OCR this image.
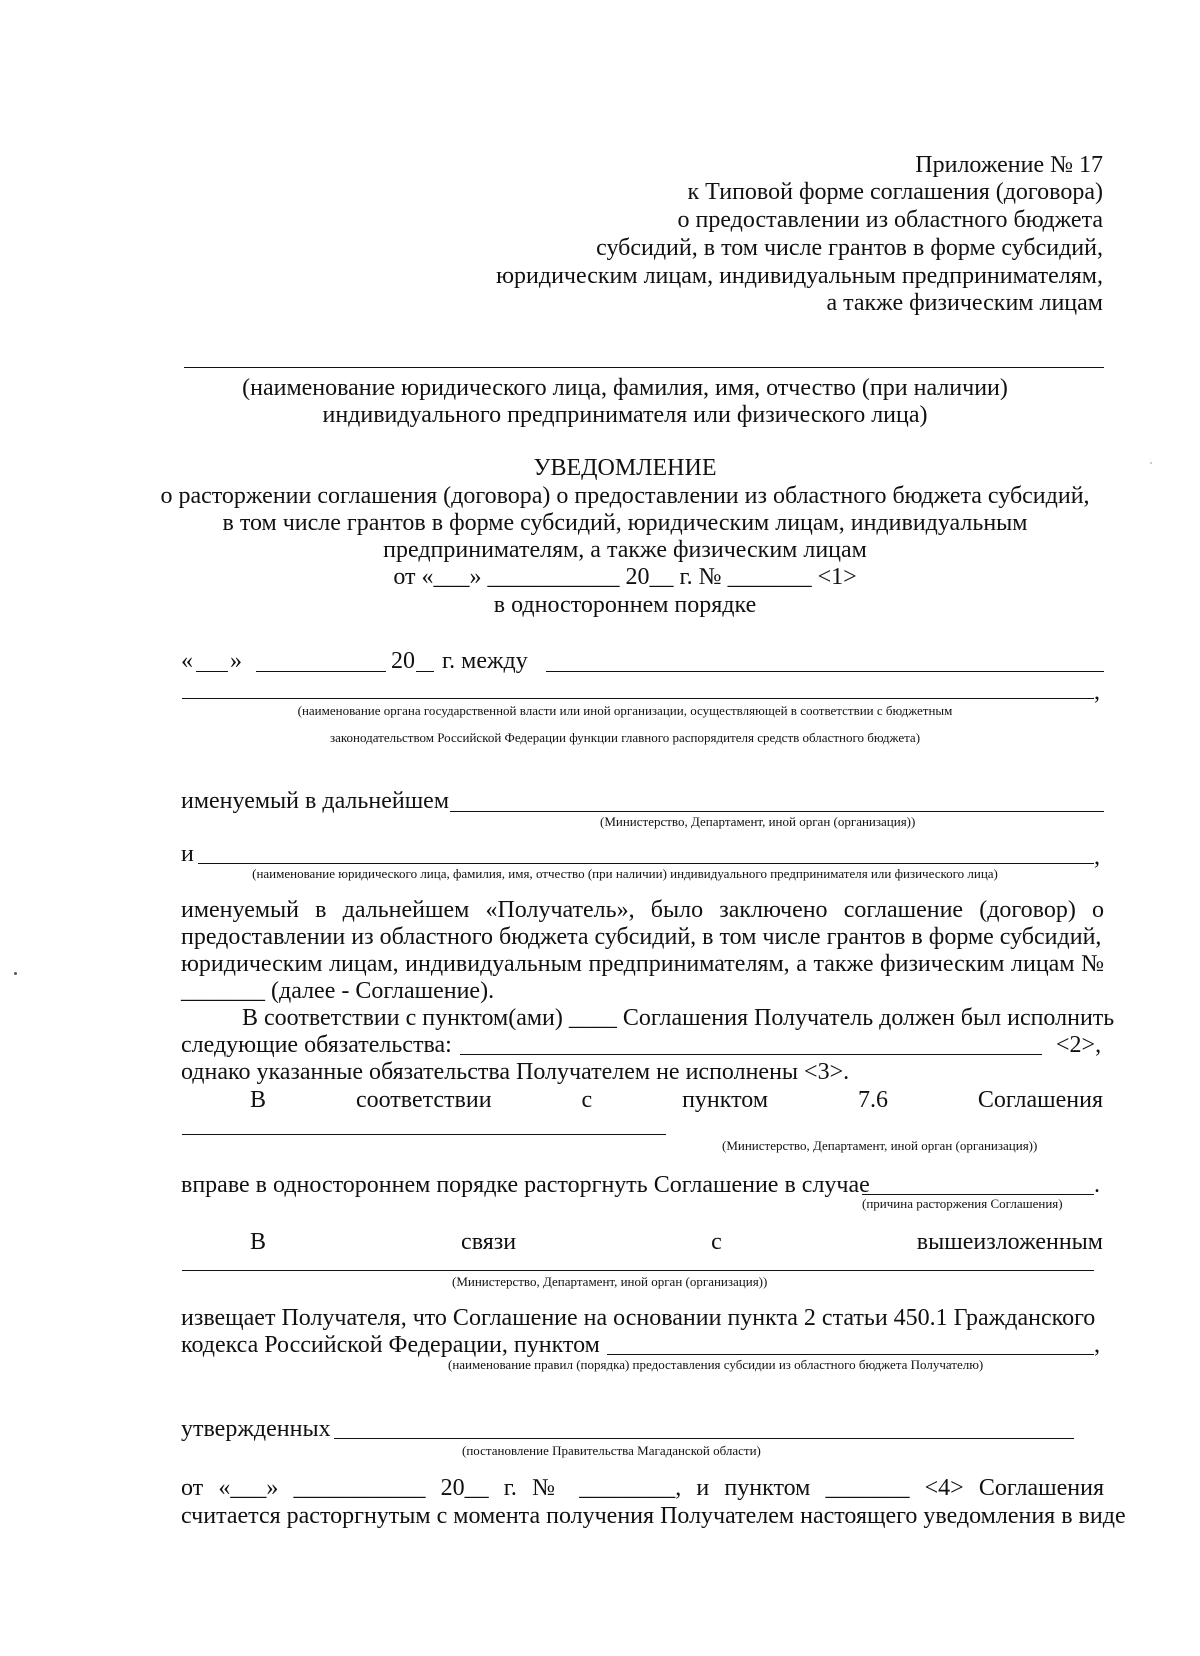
Приложение № 17
к Типовой форме соглашения (договора)
о предоставлении из областного бюджета
субсидий, в том числе грантов в форме субсидий,
юридическим лицам, индивидуальным предпринимателям,
а также физическим лицам
(наименование юридического лица, фамилия, имя, отчество (при наличии)
индивидуального предпринимателя или физического лица)
УВЕДОМЛЕНИЕ
о расторжении соглашения (договора) о предоставлении из областного бюджета субсидий,
в том числе грантов в форме субсидий, юридическим лицам, индивидуальным
предпринимателям, а также физическим лицам
от «___» ___________ 20__ г. № _______ <1>
в одностороннем порядке
« »	20 г. между
,
(наименование органа государственной власти или иной организации, осуществляющей в соответствии с бюджетным
законодательством Российской Федерации функции главного распорядителя средств областного бюджета)
именуемый в дальнейшем
(Министерство, Департамент, иной орган (организация))
и	,
(наименование юридического лица, фамилия, имя, отчество (при наличии) индивидуального предпринимателя или физического лица)
именуемый в дальнейшем «Получатель», было заключено соглашение (договор) о
предоставлении из областного бюджета субсидий, в том числе грантов в форме субсидий,
юридическим лицам, индивидуальным предпринимателям, а также физическим лицам №
_______ (далее - Соглашение).
В соответствии с пунктом(ами) ____ Соглашения Получатель должен был исполнить
следующие обязательства:	<2>,
однако указанные обязательства Получателем не исполнены <3>.
В соответствии с пунктом 7.6 Соглашения
(Министерство, Департамент, иной орган (организация))
вправе в одностороннем порядке расторгнуть Соглашение в случае	.
(причина расторжения Соглашения)
В связи с вышеизложенным
(Министерство, Департамент, иной орган (организация))
извещает Получателя, что Соглашение на основании пункта 2 статьи 450.1 Гражданского
кодекса Российской Федерации, пунктом	,
(наименование правил (порядка) предоставления субсидии из областного бюджета Получателю)
утвержденных
(постановление Правительства Магаданской области)
от «___» ___________ 20__ г. № ________, и пунктом _______ <4> Соглашения
считается расторгнутым с момента получения Получателем настоящего уведомления в виде
